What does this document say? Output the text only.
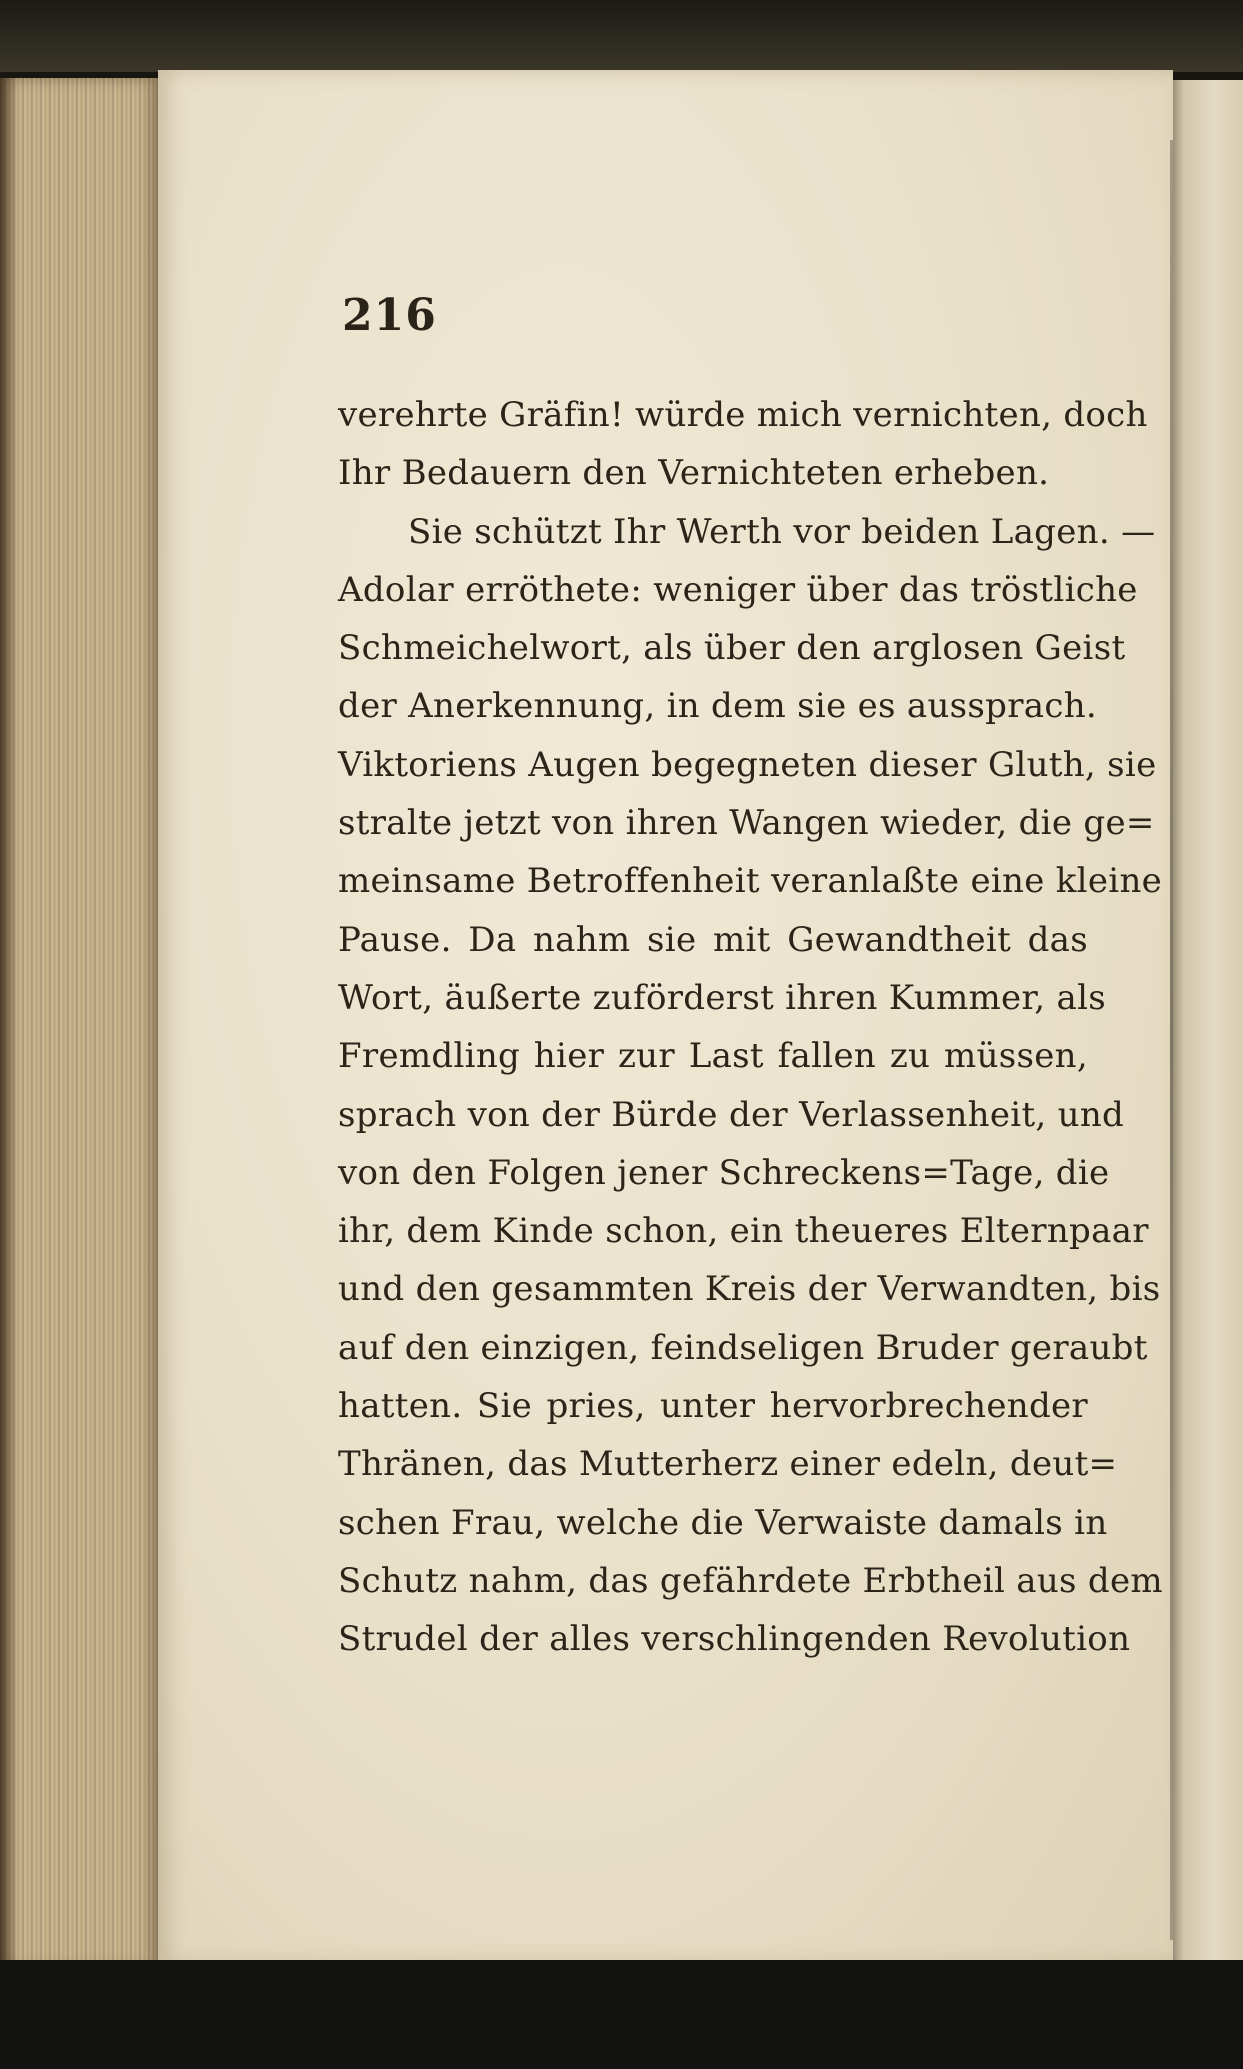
216
verehrte Gräfin! würde mich vernichten, doch
Ihr Bedauern den Vernichteten erheben.
Sie schützt Ihr Werth vor beiden Lagen. —
Adolar erröthete: weniger über das tröstliche
Schmeichelwort, als über den arglosen Geist
der Anerkennung, in dem sie es aussprach.
Viktoriens Augen begegneten dieser Gluth, sie
stralte jetzt von ihren Wangen wieder, die ge=
meinsame Betroffenheit veranlaßte eine kleine
Pause. Da nahm sie mit Gewandtheit das
Wort, äußerte zuförderst ihren Kummer, als
Fremdling hier zur Last fallen zu müssen,
sprach von der Bürde der Verlassenheit, und
von den Folgen jener Schreckens=Tage, die
ihr, dem Kinde schon, ein theueres Elternpaar
und den gesammten Kreis der Verwandten, bis
auf den einzigen, feindseligen Bruder geraubt
hatten. Sie pries, unter hervorbrechender
Thränen, das Mutterherz einer edeln, deut=
schen Frau, welche die Verwaiste damals in
Schutz nahm, das gefährdete Erbtheil aus dem
Strudel der alles verschlingenden Revolution
